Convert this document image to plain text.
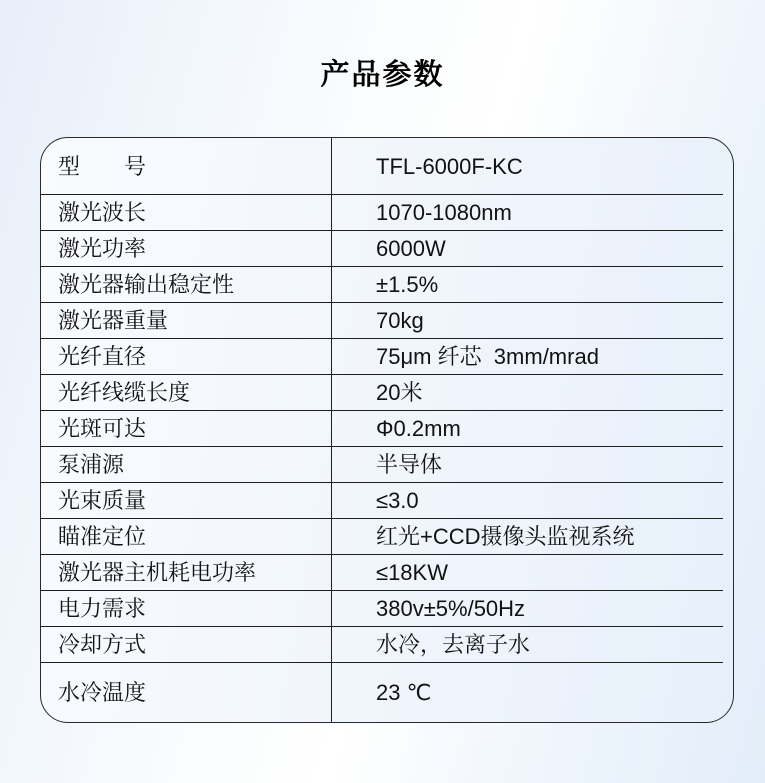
产品参数
型　　号	TFL-6000F-KC
激光波长	1070-1080nm
激光功率	6000W
激光器输出稳定性	±1.5%
激光器重量	70kg
光纤直径	75μm 纤芯  3mm/mrad
光纤线缆长度	20米
光斑可达	Φ0.2mm
泵浦源	半导体
光束质量	≤3.0
瞄准定位	红光+CCD摄像头监视系统
激光器主机耗电功率	≤18KW
电力需求	380v±5%/50Hz
冷却方式	水冷，去离子水
水冷温度	23 ℃
